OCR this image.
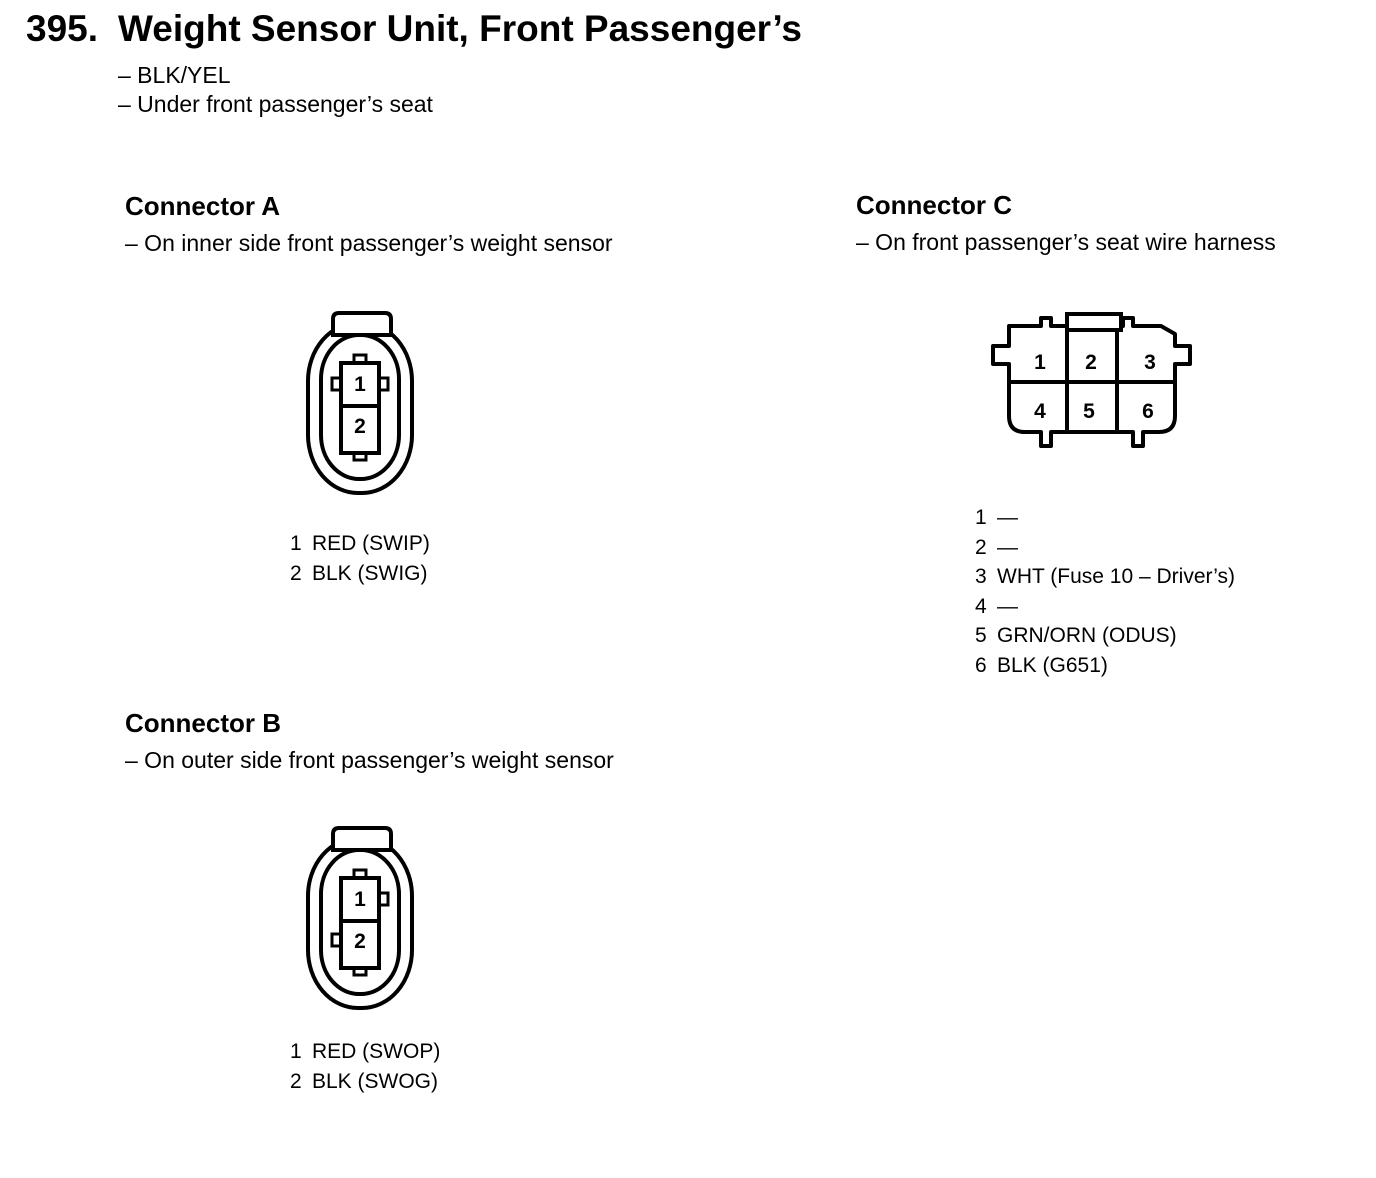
395. Weight Sensor Unit, Front Passenger’s
– BLK/YEL
– Under front passenger’s seat
Connector A
– On inner side front passenger’s weight sensor
1
2
1 RED (SWIP)
2 BLK (SWIG)
Connector B
– On outer side front passenger’s weight sensor
1
2
1 RED (SWOP)
2 BLK (SWOG)
Connector C
– On front passenger’s seat wire harness
1 2 3
4 5 6
1 —
2 —
3 WHT (Fuse 10 – Driver’s)
4 —
5 GRN/ORN (ODUS)
6 BLK (G651)
